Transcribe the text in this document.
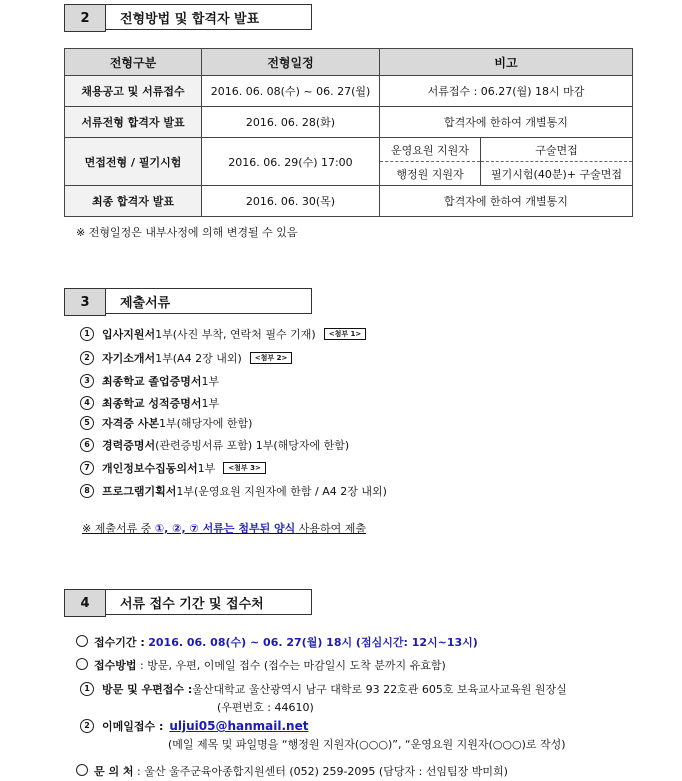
2	전형방법 및 합격자 발표
전형구분	전형일정	비고	
채용공고 및 서류접수	2016. 06. 08(수) ~ 06. 27(월)	서류접수 : 06.27(월) 18시 마감	
서류전형 합격자 발표	2016. 06. 28(화)	합격자에 한하여 개별통지	
면접전형 / 필기시험	2016. 06. 29(수) 17:00	운영요원 지원자	구술면접
		행정원 지원자	필기시험(40분)+ 구술면접
최종 합격자 발표	2016. 06. 30(목)	합격자에 한하여 개별통지	
※ 전형일정은 내부사정에 의해 변경될 수 있음
3	제출서류
1	입사지원서 1부(사진 부착, 연락처 필수 기재)	<첨부 1>
2	자기소개서 1부(A4 2장 내외)	<첨부 2>
3	최종학교 졸업증명서 1부
4	최종학교 성적증명서 1부
5	자격증 사본 1부(해당자에 한함)
6	경력증명서 (관련증빙서류 포함) 1부(해당자에 한함)
7	개인정보수집동의서 1부	<첨부 3>
8	프로그램기획서 1부(운영요원 지원자에 한함 / A4 2장 내외)
※ 제출서류 중 ①, ②, ⑦ 서류는 첨부된 양식 사용하여 제출
4	서류 접수 기간 및 접수처
접수기간 : 2016. 06. 08(수) ~ 06. 27(월) 18시 (점심시간: 12시~13시)
접수방법 : 방문, 우편, 이메일 접수 (접수는 마감일시 도착 분까지 유효함)
1	방문 및 우편접수 : 울산대학교 울산광역시 남구 대학로 93 22호관 605호 보육교사교육원 원장실
(우편번호 : 44610)
2	이메일접수 : uljui05@hanmail.net
(메일 제목 및 파일명을 “행정원 지원자(○○○)”, “운영요원 지원자(○○○)로 작성)
문 의 처 : 울산 울주군육아종합지원센터 (052) 259-2095 (담당자 : 선임팀장 박미희)
